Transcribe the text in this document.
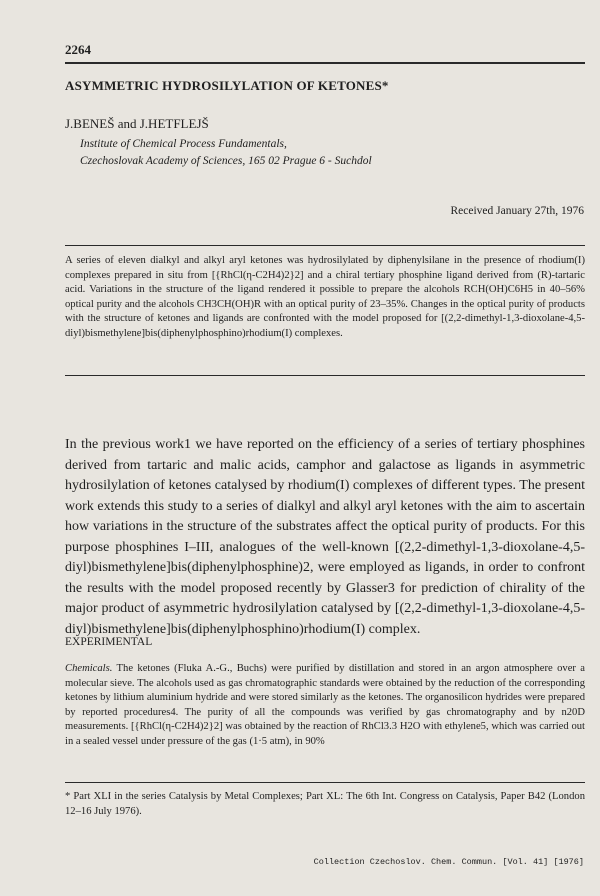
2264
ASYMMETRIC HYDROSILYLATION OF KETONES*
J.BENEŠ and J.HETFLEJŠ
Institute of Chemical Process Fundamentals,
Czechoslovak Academy of Sciences, 165 02 Prague 6 - Suchdol
Received January 27th, 1976

A series of eleven dialkyl and alkyl aryl ketones was hydrosilylated by diphenylsilane in the presence of rhodium(I) complexes prepared in situ from [{RhCl(η-C2H4)2}2] and a chiral tertiary phosphine ligand derived from (R)-tartaric acid. Variations in the structure of the ligand rendered it possible to prepare the alcohols RCH(OH)C6H5 in 40–56% optical purity and the alcohols CH3CH(OH)R with an optical purity of 23–35%. Changes in the optical purity of products with the structure of ketones and ligands are confronted with the model proposed for [(2,2-dimethyl-1,3-dioxolane-4,5-diyl)bismethylene]bis(diphenylphosphino)rhodium(I) complexes.

In the previous work1 we have reported on the efficiency of a series of tertiary phosphines derived from tartaric and malic acids, camphor and galactose as ligands in asymmetric hydrosilylation of ketones catalysed by rhodium(I) complexes of different types. The present work extends this study to a series of dialkyl and alkyl aryl ketones with the aim to ascertain how variations in the structure of the substrates affect the optical purity of products. For this purpose phosphines I–III, analogues of the well-known [(2,2-dimethyl-1,3-dioxolane-4,5-diyl)bismethylene]bis(diphenylphosphine)2, were employed as ligands, in order to confront the results with the model proposed recently by Glasser3 for prediction of chirality of the major product of asymmetric hydrosilylation catalysed by [(2,2-dimethyl-1,3-dioxolane-4,5-diyl)bismethylene]bis(diphenylphosphino)rhodium(I) complex.

EXPERIMENTAL

Chemicals. The ketones (Fluka A.-G., Buchs) were purified by distillation and stored in an argon atmosphere over a molecular sieve. The alcohols used as gas chromatographic standards were obtained by the reduction of the corresponding ketones by lithium aluminium hydride and were stored similarly as the ketones. The organosilicon hydrides were prepared by reported procedures4. The purity of all the compounds was verified by gas chromatography and by n20D measurements. [{RhCl(η-C2H4)2}2] was obtained by the reaction of RhCl3.3 H2O with ethylene5, which was carried out in a sealed vessel under pressure of the gas (1·5 atm), in 90%

* Part XLI in the series Catalysis by Metal Complexes; Part XL: The 6th Int. Congress on Catalysis, Paper B42 (London 12–16 July 1976).

Collection Czechoslov. Chem. Commun. [Vol. 41] [1976]
